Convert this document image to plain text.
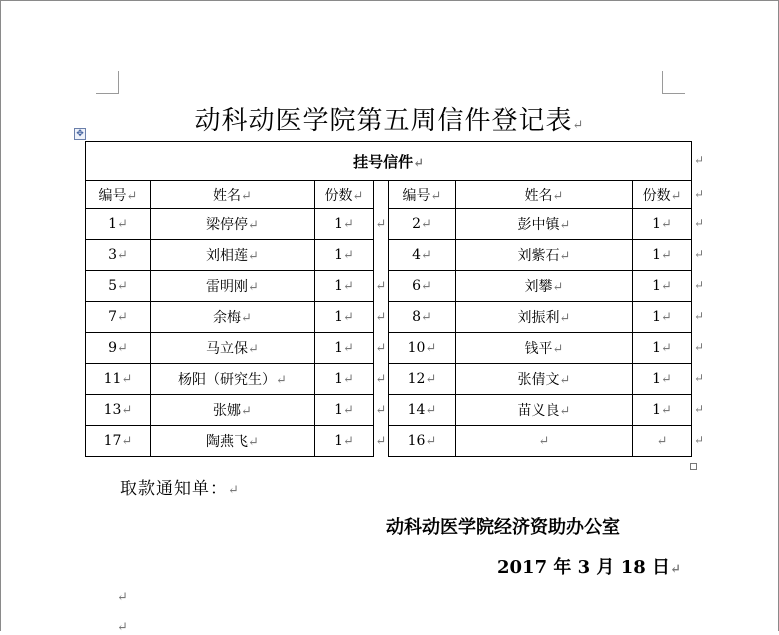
动科动医学院第五周信件登记表↵
✥
挂号信件↵						
编号↵	姓名↵	份数↵		编号↵	姓名↵	份数↵
1↵	梁停停↵	1↵	↵	2↵	彭中镇↵	1↵
3↵	刘相莲↵	1↵		4↵	刘紫石↵	1↵
5↵	雷明刚↵	1↵	↵	6↵	刘攀↵	1↵
7↵	余梅↵	1↵	↵	8↵	刘振利↵	1↵
9↵	马立保↵	1↵	↵	10↵	钱平↵	1↵
11↵	杨阳（研究生）↵	1↵	↵	12↵	张倩文↵	1↵
13↵	张娜↵	1↵	↵	14↵	苗义良↵	1↵
17↵	陶燕飞↵	1↵	↵	16↵	↵	↵
取款通知单：↵
动科动医学院经济资助办公室
2017 年 3 月 18 日↵
↵
↵
↵
↵
↵
↵
↵
↵
↵
↵
↵
↵
